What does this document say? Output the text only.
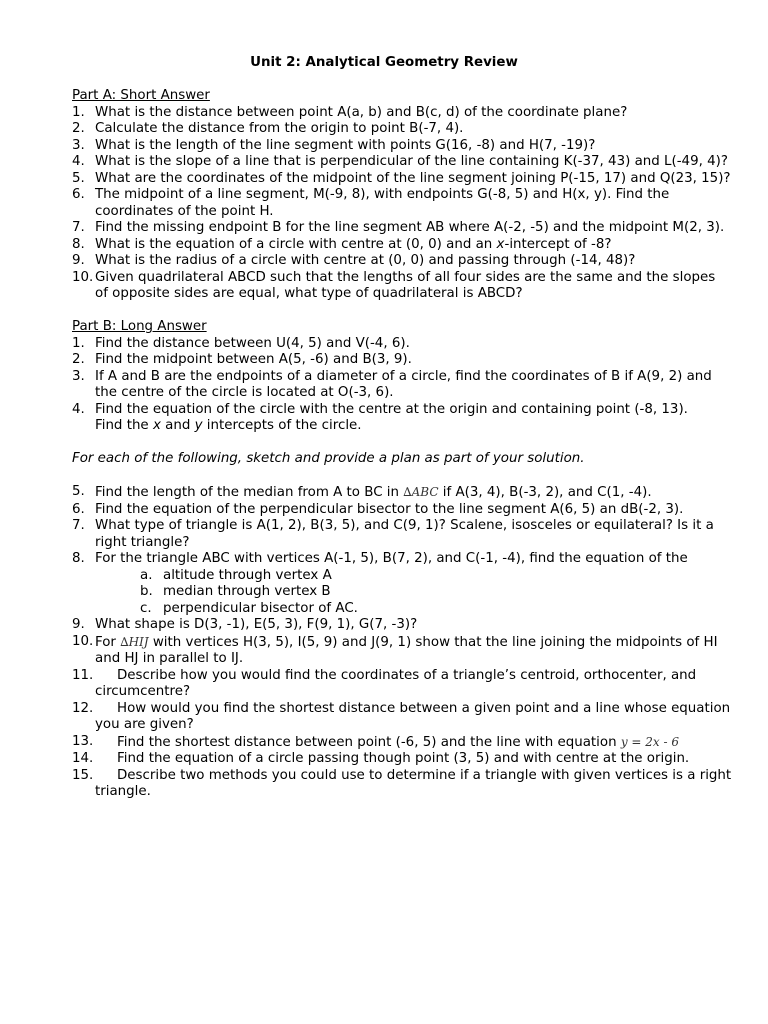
Unit 2: Analytical Geometry Review
Part A: Short Answer
1. What is the distance between point A(a, b) and B(c, d) of the coordinate plane?
2. Calculate the distance from the origin to point B(-7, 4).
3. What is the length of the line segment with points G(16, -8) and H(7, -19)?
4. What is the slope of a line that is perpendicular of the line containing K(-37, 43) and L(-49, 4)?
5. What are the coordinates of the midpoint of the line segment joining P(-15, 17) and Q(23, 15)?
6. The midpoint of a line segment, M(-9, 8), with endpoints G(-8, 5) and H(x, y). Find the coordinates of the point H.
7. Find the missing endpoint B for the line segment AB where A(-2, -5) and the midpoint M(2, 3).
8. What is the equation of a circle with centre at (0, 0) and an x-intercept of -8?
9. What is the radius of a circle with centre at (0, 0) and passing through (-14, 48)?
10. Given quadrilateral ABCD such that the lengths of all four sides are the same and the slopes of opposite sides are equal, what type of quadrilateral is ABCD?
Part B: Long Answer
1. Find the distance between U(4, 5) and V(-4, 6).
2. Find the midpoint between A(5, -6) and B(3, 9).
3. If A and B are the endpoints of a diameter of a circle, find the coordinates of B if A(9, 2) and the centre of the circle is located at O(-3, 6).
4. Find the equation of the circle with the centre at the origin and containing point (-8, 13).
Find the x and y intercepts of the circle.
For each of the following, sketch and provide a plan as part of your solution.
5. Find the length of the median from A to BC in ∆ABC if A(3, 4), B(-3, 2), and C(1, -4).
6. Find the equation of the perpendicular bisector to the line segment A(6, 5) an dB(-2, 3).
7. What type of triangle is A(1, 2), B(3, 5), and C(9, 1)? Scalene, isosceles or equilateral? Is it a right triangle?
8. For the triangle ABC with vertices A(-1, 5), B(7, 2), and C(-1, -4), find the equation of the
a. altitude through vertex A
b. median through vertex B
c. perpendicular bisector of AC.
9. What shape is D(3, -1), E(5, 3), F(9, 1), G(7, -3)?
10. For ∆HIJ with vertices H(3, 5), I(5, 9) and J(9, 1) show that the line joining the midpoints of HI and HJ in parallel to IJ.
11. Describe how you would find the coordinates of a triangle’s centroid, orthocenter, and circumcentre?
12. How would you find the shortest distance between a given point and a line whose equation you are given?
13. Find the shortest distance between point (-6, 5) and the line with equation y = 2x - 6
14. Find the equation of a circle passing though point (3, 5) and with centre at the origin.
15. Describe two methods you could use to determine if a triangle with given vertices is a right triangle.
